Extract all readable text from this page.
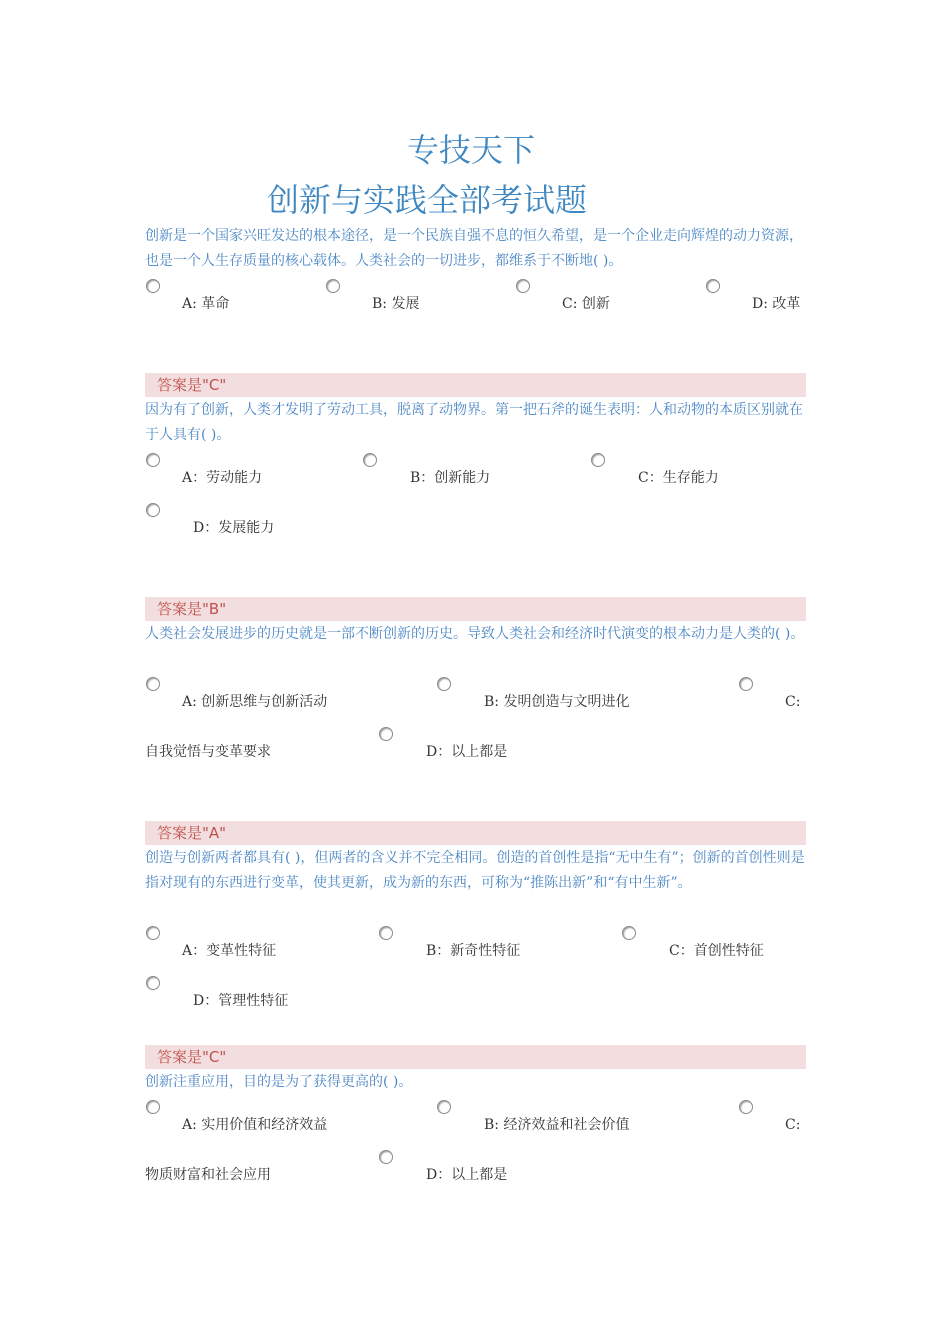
专技天下
创新与实践全部考试题
创新是一个国家兴旺发达的根本途径，是一个民族自强不息的恒久希望，是一个企业走向辉煌的动力资源，也是一个人生存质量的核心载体。人类社会的一切进步，都维系于不断地( )。
A: 革命	B: 发展	C: 创新	D: 改革
答案是"C"
因为有了创新，人类才发明了劳动工具，脱离了动物界。第一把石斧的诞生表明：人和动物的本质区别就在于人具有( )。
A：劳动能力	B：创新能力	C：生存能力
D：发展能力
答案是"B"
人类社会发展进步的历史就是一部不断创新的历史。导致人类社会和经济时代演变的根本动力是人类的( )。
A: 创新思维与创新活动	B: 发明创造与文明进化	C:
自我觉悟与变革要求	D：以上都是
答案是"A"
创造与创新两者都具有( )，但两者的含义并不完全相同。创造的首创性是指“无中生有”；创新的首创性则是指对现有的东西进行变革，使其更新，成为新的东西，可称为“推陈出新”和“有中生新”。
A：变革性特征	B：新奇性特征	C：首创性特征
D：管理性特征
答案是"C"
创新注重应用，目的是为了获得更高的( )。
A: 实用价值和经济效益	B: 经济效益和社会价值	C:
物质财富和社会应用	D：以上都是
